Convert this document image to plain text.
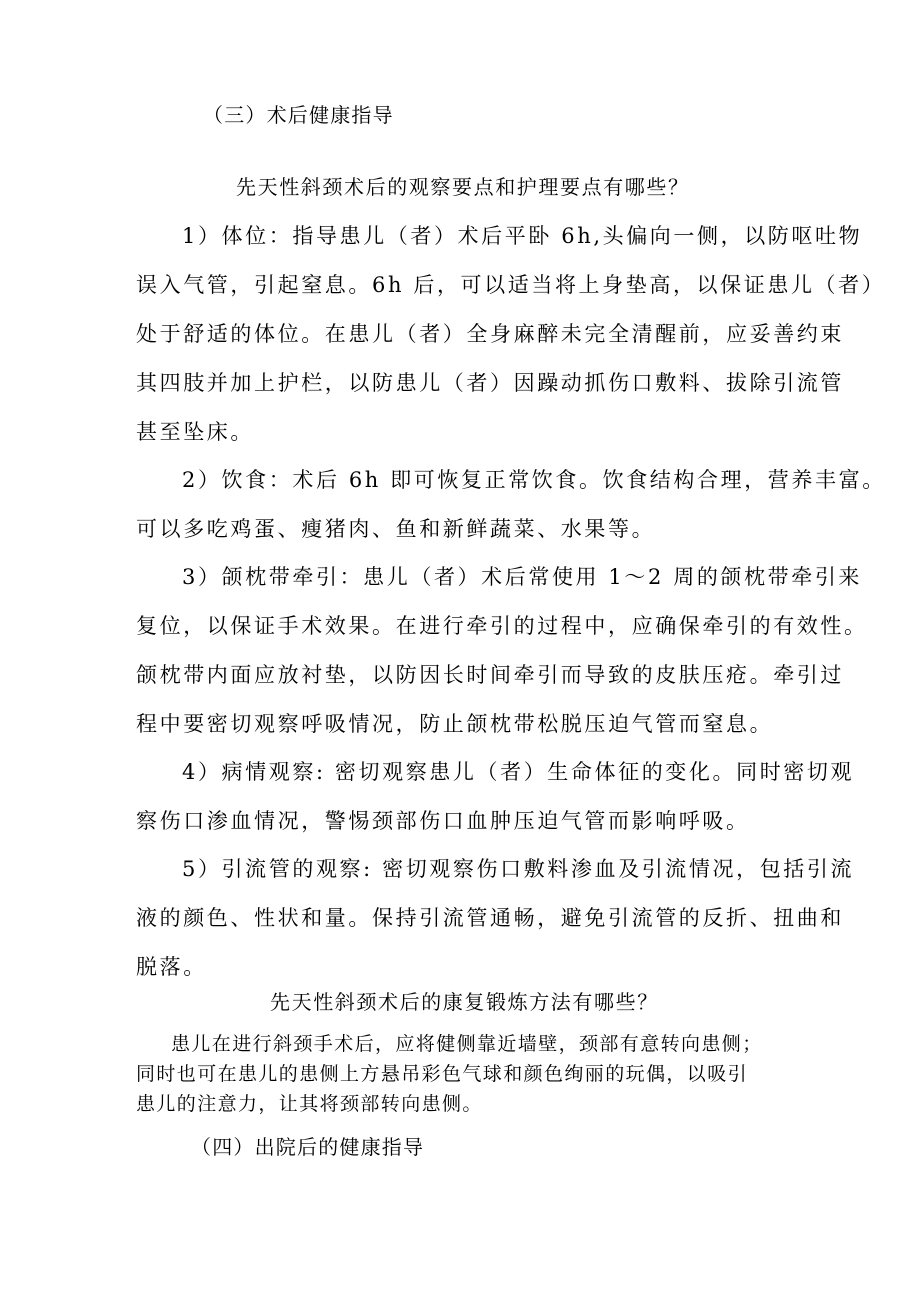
（三）术后健康指导
先天性斜颈术后的观察要点和护理要点有哪些？
1）体位：指导患儿（者）术后平卧 6h,头偏向一侧，以防呕吐物
误入气管，引起窒息。6h 后，可以适当将上身垫高，以保证患儿（者）
处于舒适的体位。在患儿（者）全身麻醉未完全清醒前，应妥善约束
其四肢并加上护栏，以防患儿（者）因躁动抓伤口敷料、拔除引流管
甚至坠床。
2）饮食：术后 6h 即可恢复正常饮食。饮食结构合理，营养丰富。
可以多吃鸡蛋、瘦猪肉、鱼和新鲜蔬菜、水果等。
3）颌枕带牵引：患儿（者）术后常使用 1～2 周的颌枕带牵引来
复位，以保证手术效果。在进行牵引的过程中，应确保牵引的有效性。
颌枕带内面应放衬垫，以防因长时间牵引而导致的皮肤压疮。牵引过
程中要密切观察呼吸情况，防止颌枕带松脱压迫气管而窒息。
4）病情观察: 密切观察患儿（者）生命体征的变化。同时密切观
察伤口渗血情况，警惕颈部伤口血肿压迫气管而影响呼吸。
5）引流管的观察: 密切观察伤口敷料渗血及引流情况，包括引流
液的颜色、性状和量。保持引流管通畅，避免引流管的反折、扭曲和
脱落。
先天性斜颈术后的康复锻炼方法有哪些？
患儿在进行斜颈手术后，应将健侧靠近墙壁，颈部有意转向患侧；
同时也可在患儿的患侧上方悬吊彩色气球和颜色绚丽的玩偶，以吸引
患儿的注意力，让其将颈部转向患侧。
（四）出院后的健康指导
